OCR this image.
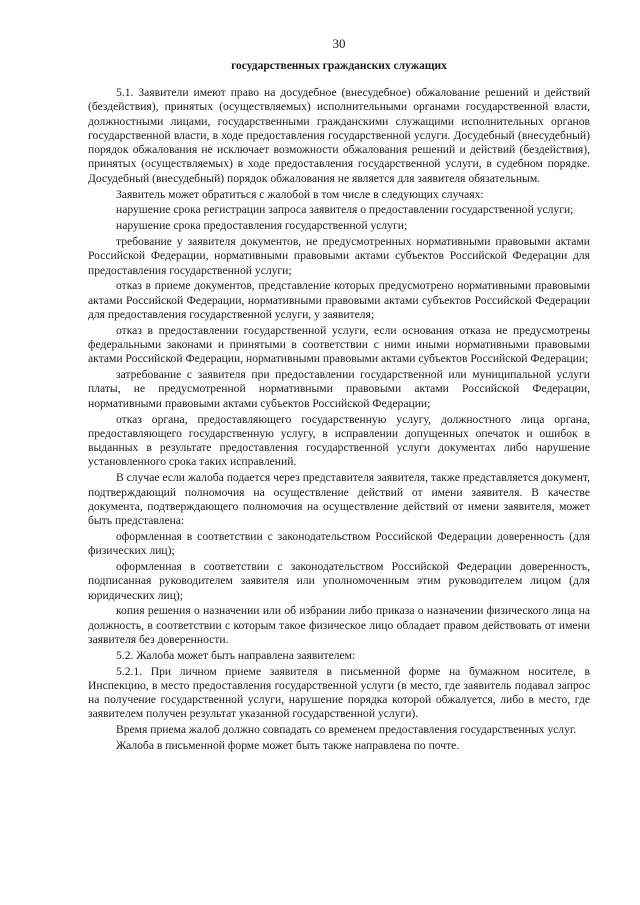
30
государственных гражданских служащих

5.1. Заявители имеют право на досудебное (внесудебное) обжалование решений и действий (бездействия), принятых (осуществляемых) исполнительными органами государственной власти, должностными лицами, государственными гражданскими служащими исполнительных органов государственной власти, в ходе предоставления государственной услуги. Досудебный (внесудебный) порядок обжалования не исключает возможности обжалования решений и действий (бездействия), принятых (осуществляемых) в ходе предоставления государственной услуги, в судебном порядке. Досудебный (внесудебный) порядок обжалования не является для заявителя обязательным.

Заявитель может обратиться с жалобой в том числе в следующих случаях:

нарушение срока регистрации запроса заявителя о предоставлении государственной услуги;

нарушение срока предоставления государственной услуги;

требование у заявителя документов, не предусмотренных нормативными правовыми актами Российской Федерации, нормативными правовыми актами субъектов Российской Федерации для предоставления государственной услуги;

отказ в приеме документов, представление которых предусмотрено нормативными правовыми актами Российской Федерации, нормативными правовыми актами субъектов Российской Федерации для предоставления государственной услуги, у заявителя;

отказ в предоставлении государственной услуги, если основания отказа не предусмотрены федеральными законами и принятыми в соответствии с ними иными нормативными правовыми актами Российской Федерации, нормативными правовыми актами субъектов Российской Федерации;

затребование с заявителя при предоставлении государственной или муниципальной услуги платы, не предусмотренной нормативными правовыми актами Российской Федерации, нормативными правовыми актами субъектов Российской Федерации;

отказ органа, предоставляющего государственную услугу, должностного лица органа, предоставляющего государственную услугу, в исправлении допущенных опечаток и ошибок в выданных в результате предоставления государственной услуги документах либо нарушение установленного срока таких исправлений.

В случае если жалоба подается через представителя заявителя, также представляется документ, подтверждающий полномочия на осуществление действий от имени заявителя. В качестве документа, подтверждающего полномочия на осуществление действий от имени заявителя, может быть представлена:

оформленная в соответствии с законодательством Российской Федерации доверенность (для физических лиц);

оформленная в соответствии с законодательством Российской Федерации доверенность, подписанная руководителем заявителя или уполномоченным этим руководителем лицом (для юридических лиц);

копия решения о назначении или об избрании либо приказа о назначении физического лица на должность, в соответствии с которым такое физическое лицо обладает правом действовать от имени заявителя без доверенности.

5.2. Жалоба может быть направлена заявителем:

5.2.1. При личном приеме заявителя в письменной форме на бумажном носителе, в Инспекцию, в место предоставления государственной услуги (в место, где заявитель подавал запрос на получение государственной услуги, нарушение порядка которой обжалуется, либо в место, где заявителем получен результат указанной государственной услуги).

Время приема жалоб должно совпадать со временем предоставления государственных услуг.

Жалоба в письменной форме может быть также направлена по почте.
